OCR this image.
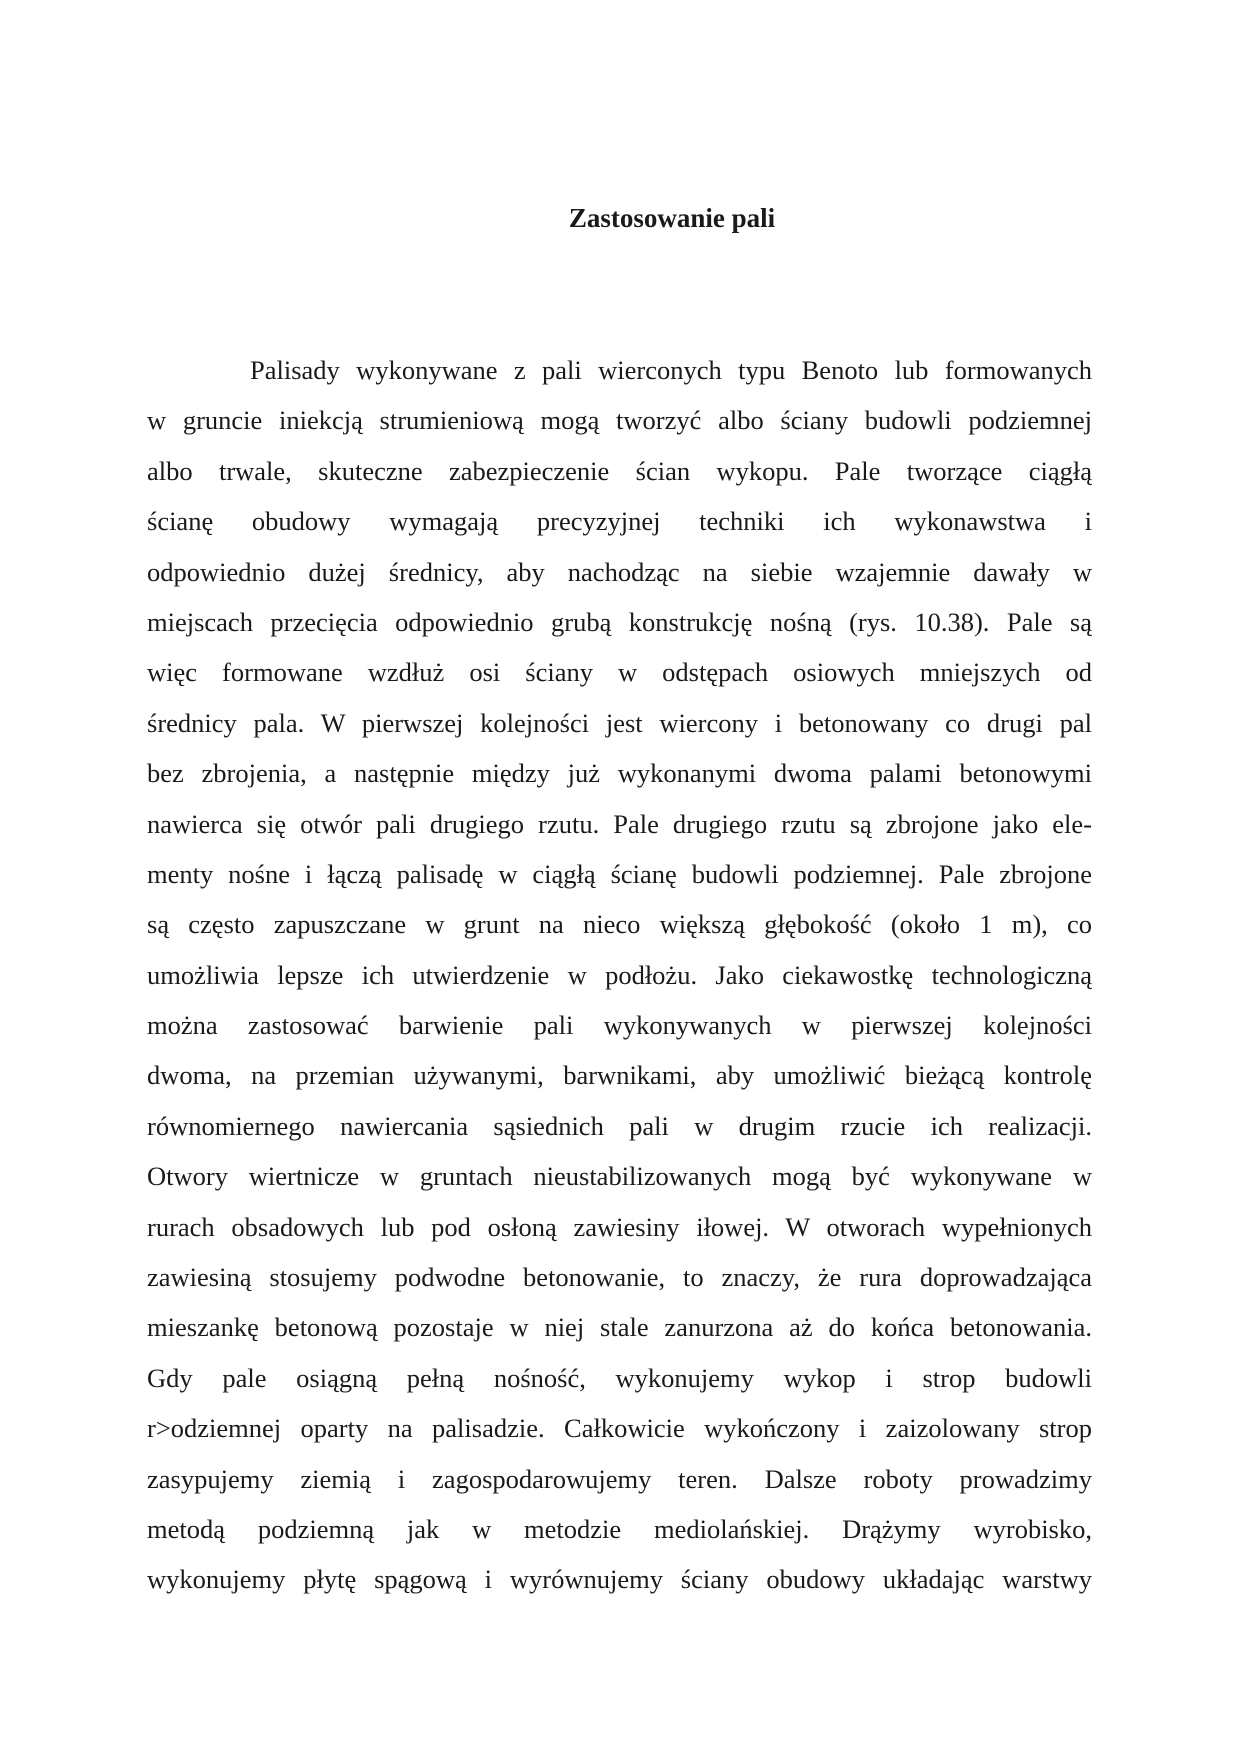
Zastosowanie pali
Palisady wykonywane z pali wierconych typu Benoto lub formowanych
w gruncie iniekcją strumieniową mogą tworzyć albo ściany budowli podziemnej
albo trwale, skuteczne zabezpieczenie ścian wykopu. Pale tworzące ciągłą
ścianę obudowy wymagają precyzyjnej techniki ich wykonawstwa i
odpowiednio dużej średnicy, aby nachodząc na siebie wzajemnie dawały w
miejscach przecięcia odpowiednio grubą konstrukcję nośną (rys. 10.38). Pale są
więc formowane wzdłuż osi ściany w odstępach osiowych mniejszych od
średnicy pala. W pierwszej kolejności jest wiercony i betonowany co drugi pal
bez zbrojenia, a następnie między już wykonanymi dwoma palami betonowymi
nawierca się otwór pali drugiego rzutu. Pale drugiego rzutu są zbrojone jako ele-
menty nośne i łączą palisadę w ciągłą ścianę budowli podziemnej. Pale zbrojone
są często zapuszczane w grunt na nieco większą głębokość (około 1 m), co
umożliwia lepsze ich utwierdzenie w podłożu. Jako ciekawostkę technologiczną
można zastosować barwienie pali wykonywanych w pierwszej kolejności
dwoma, na przemian używanymi, barwnikami, aby umożliwić bieżącą kontrolę
równomiernego nawiercania sąsiednich pali w drugim rzucie ich realizacji.
Otwory wiertnicze w gruntach nieustabilizowanych mogą być wykonywane w
rurach obsadowych lub pod osłoną zawiesiny iłowej. W otworach wypełnionych
zawiesiną stosujemy podwodne betonowanie, to znaczy, że rura doprowadzająca
mieszankę betonową pozostaje w niej stale zanurzona aż do końca betonowania.
Gdy pale osiągną pełną nośność, wykonujemy wykop i strop budowli
r>odziemnej oparty na palisadzie. Całkowicie wykończony i zaizolowany strop
zasypujemy ziemią i zagospodarowujemy teren. Dalsze roboty prowadzimy
metodą podziemną jak w metodzie mediolańskiej. Drążymy wyrobisko,
wykonujemy płytę spągową i wyrównujemy ściany obudowy układając warstwy
